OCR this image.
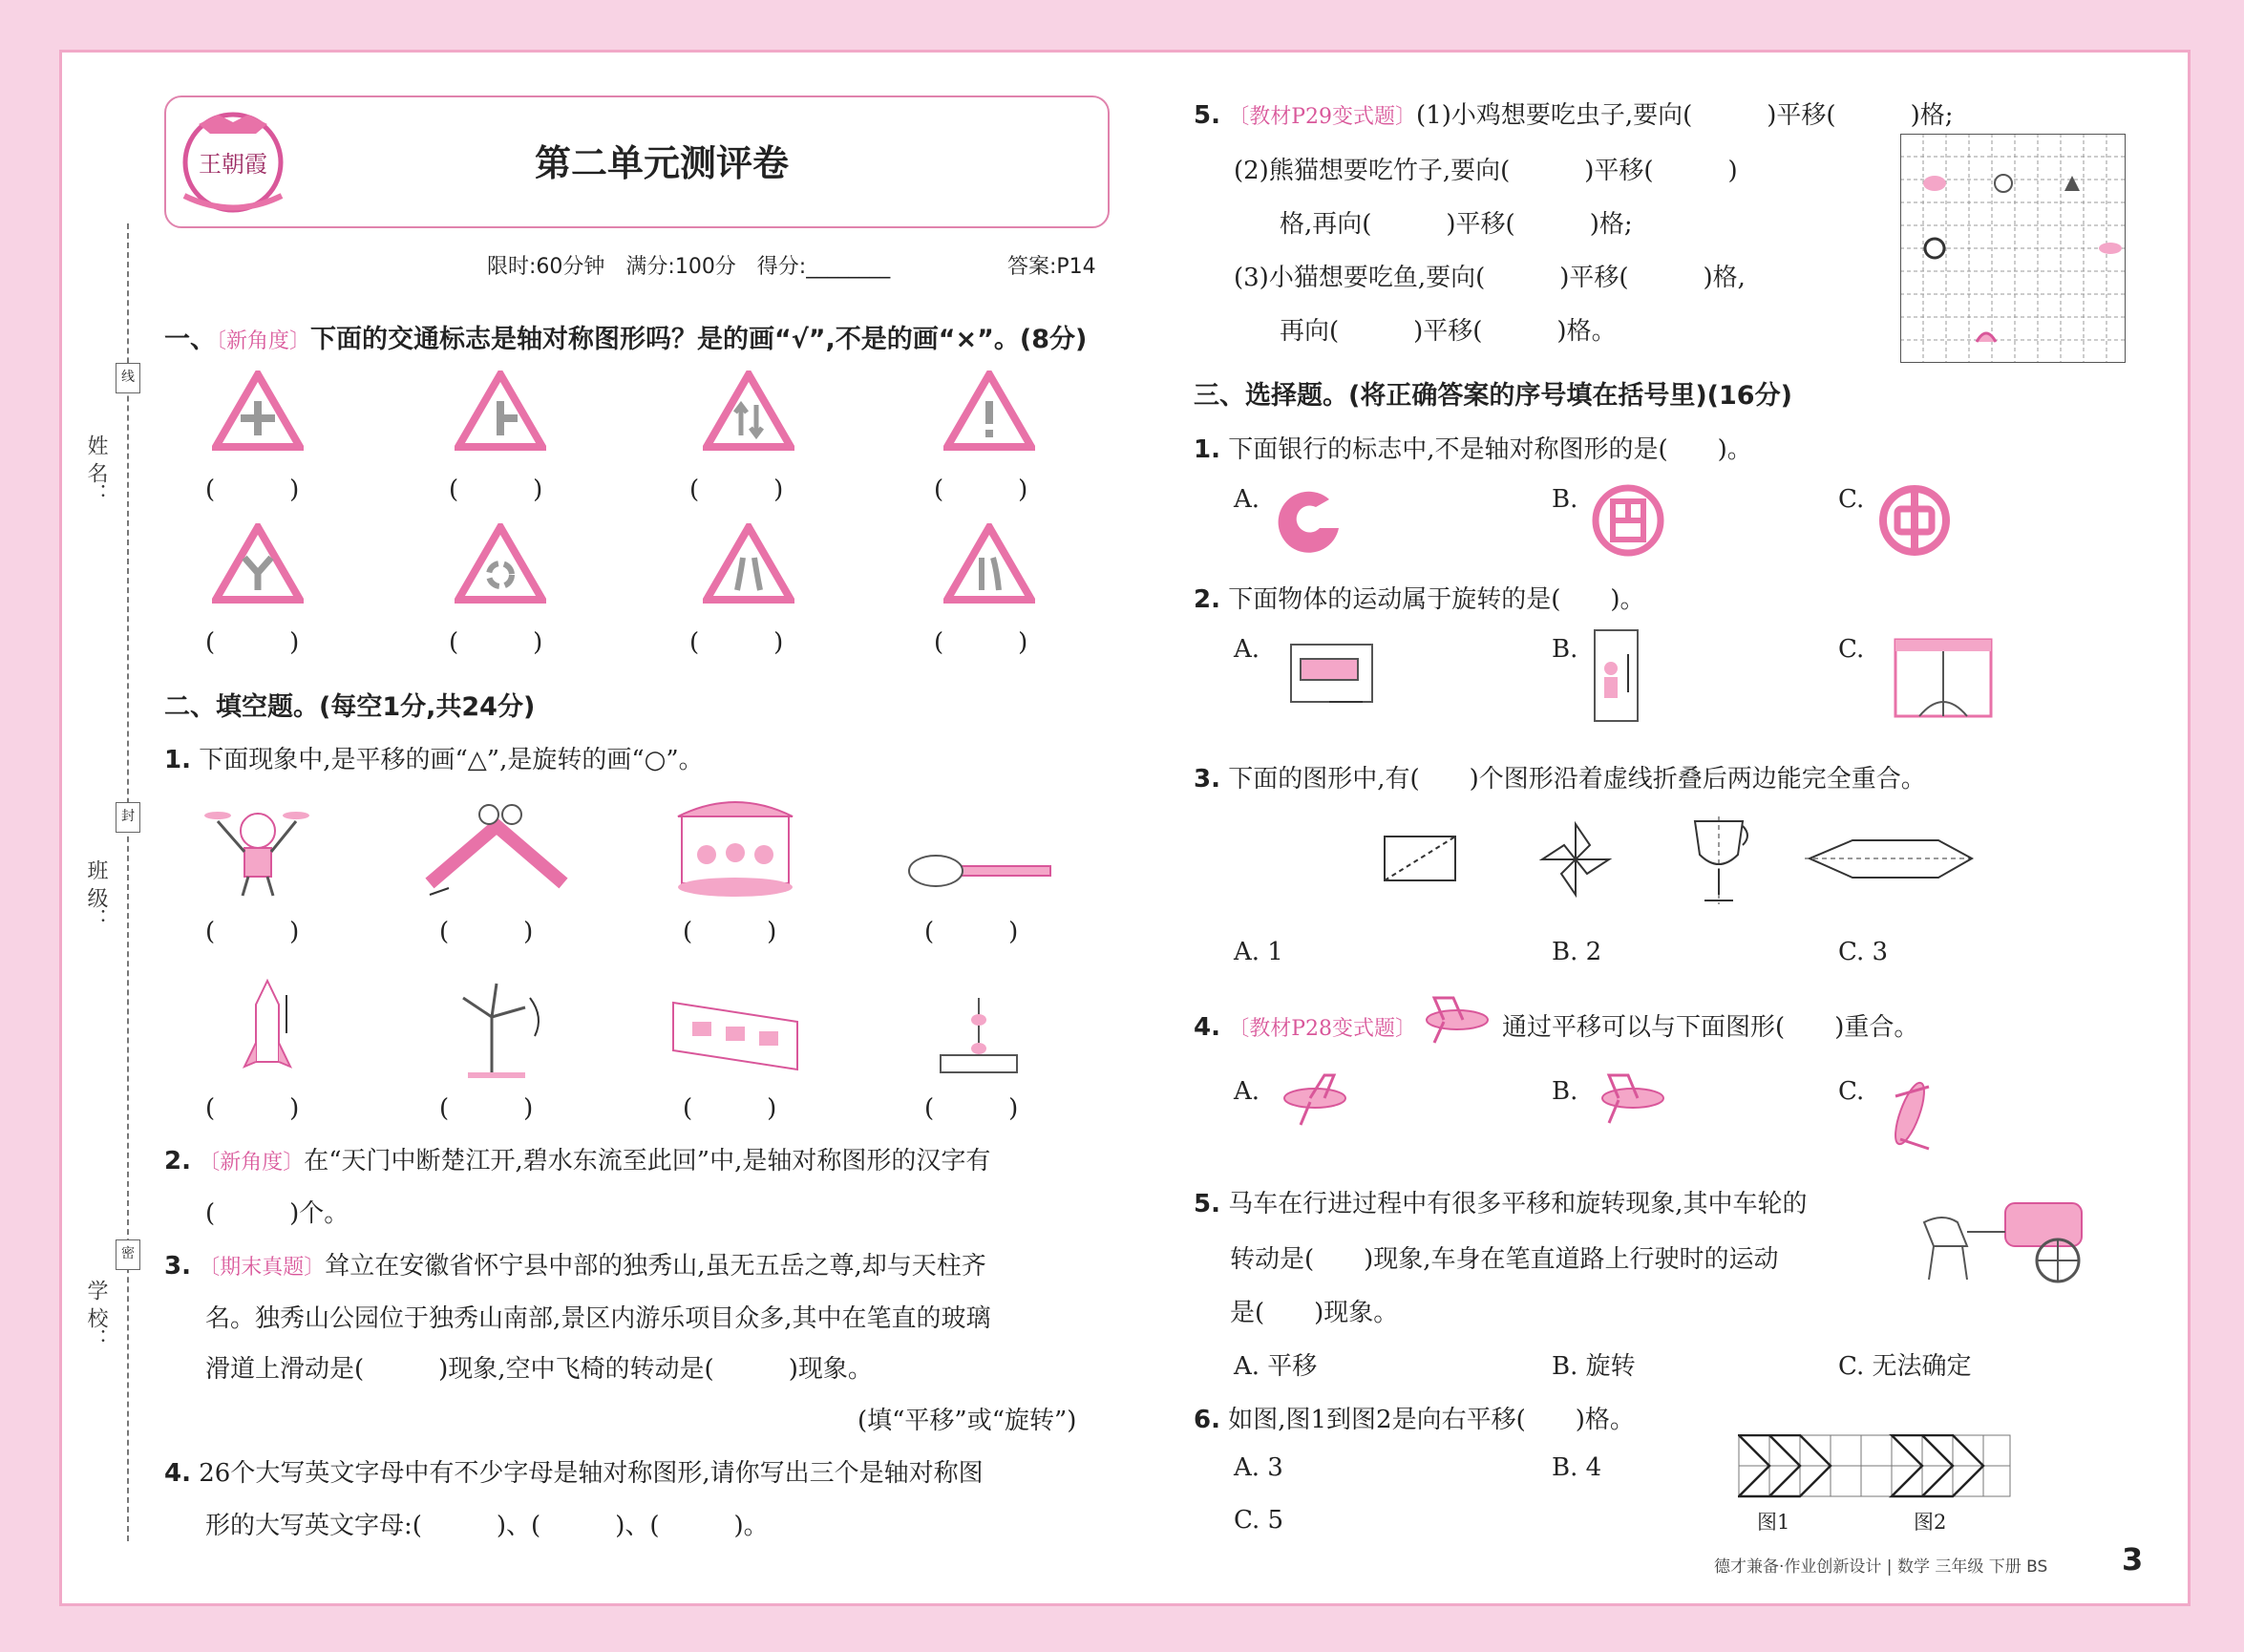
姓 名：
班 级：
学 校：
线
封
密
王朝霞	第二单元测评卷
限时:60分钟　满分:100分　得分:________	答案:P14
一、〔新角度〕下面的交通标志是轴对称图形吗？是的画“√”,不是的画“×”。(8分)
(　　　)	(　　　)	(　　　)	(　　　)
(　　　)	(　　　)	(　　　)	(　　　)
二、填空题。(每空1分,共24分)
1. 下面现象中,是平移的画“△”,是旋转的画“○”。
(　　　)	(　　　)	(　　　)	(　　　)
(　　　)	(　　　)	(　　　)	(　　　)
2. 〔新角度〕在“天门中断楚江开,碧水东流至此回”中,是轴对称图形的汉字有
(　　　)个。
3. 〔期末真题〕耸立在安徽省怀宁县中部的独秀山,虽无五岳之尊,却与天柱齐
名。独秀山公园位于独秀山南部,景区内游乐项目众多,其中在笔直的玻璃
滑道上滑动是(　　　)现象,空中飞椅的转动是(　　　)现象。
(填“平移”或“旋转”)
4. 26个大写英文字母中有不少字母是轴对称图形,请你写出三个是轴对称图
形的大写英文字母:(　　　)、(　　　)、(　　　)。
5. 〔教材P29变式题〕(1)小鸡想要吃虫子,要向(　　　)平移(　　　)格;
(2)熊猫想要吃竹子,要向(　　　)平移(　　　)
格,再向(　　　)平移(　　　)格;
(3)小猫想要吃鱼,要向(　　　)平移(　　　)格,
再向(　　　)平移(　　　)格。
三、选择题。(将正确答案的序号填在括号里)(16分)
1. 下面银行的标志中,不是轴对称图形的是(　　)。
A.	B.	C.
2. 下面物体的运动属于旋转的是(　　)。
A.	B.	C.
3. 下面的图形中,有(　　)个图形沿着虚线折叠后两边能完全重合。
A. 1	B. 2	C. 3
4. 〔教材P28变式题〕	通过平移可以与下面图形(　　)重合。
A.	B.	C.
5. 马车在行进过程中有很多平移和旋转现象,其中车轮的
转动是(　　)现象,车身在笔直道路上行驶时的运动
是(　　)现象。
A. 平移	B. 旋转	C. 无法确定
6. 如图,图1到图2是向右平移(　　)格。
A. 3	B. 4
C. 5	图1	图2
德才兼备·作业创新设计 | 数学 三年级 下册 BS 3
